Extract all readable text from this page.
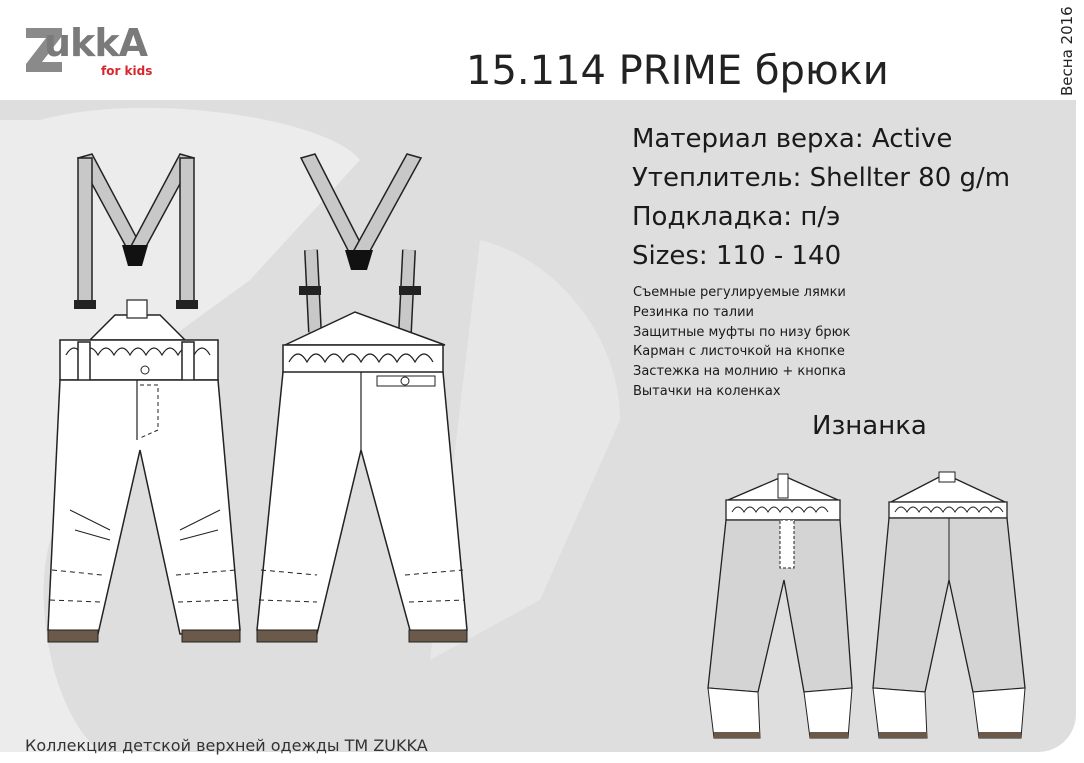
ukkA
for kids	15.114 PRIME брюки	Весна 2016
Материал верха: Active
Утеплитель: Shellter 80 g/m
Подкладка: п/э
Sizes: 110 - 140
Съемные регулируемые лямки
Резинка по талии
Защитные муфты по низу брюк
Карман с листочкой на кнопке
Застежка на молнию + кнопка
Вытачки на коленках
Изнанка
Коллекция детской верхней одежды ТМ ZUKKA
